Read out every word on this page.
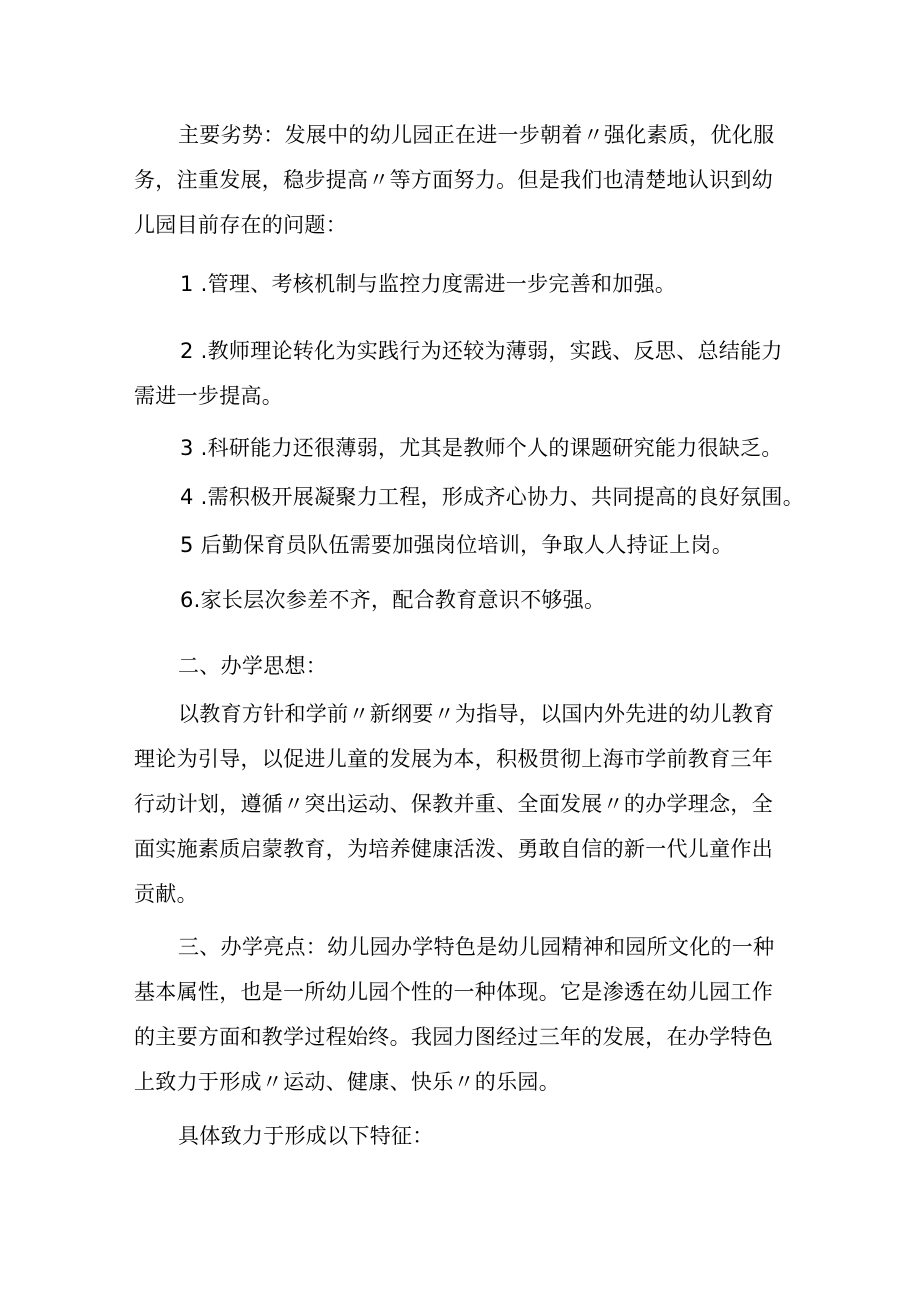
主要劣势：发展中的幼儿园正在进一步朝着〃强化素质，优化服
务，注重发展，稳步提高〃等方面努力。但是我们也清楚地认识到幼
儿园目前存在的问题：

1 .管理、考核机制与监控力度需进一步完善和加强。

2 .教师理论转化为实践行为还较为薄弱，实践、反思、总结能力
需进一步提高。

3 .科研能力还很薄弱，尤其是教师个人的课题研究能力很缺乏。

4 .需积极开展凝聚力工程，形成齐心协力、共同提高的良好氛围。

5 后勤保育员队伍需要加强岗位培训，争取人人持证上岗。

6.家长层次参差不齐，配合教育意识不够强。

二、办学思想：

以教育方针和学前〃新纲要〃为指导，以国内外先进的幼儿教育
理论为引导，以促进儿童的发展为本，积极贯彻上海市学前教育三年
行动计划，遵循〃突出运动、保教并重、全面发展〃的办学理念，全
面实施素质启蒙教育，为培养健康活泼、勇敢自信的新一代儿童作出
贡献。

三、办学亮点：幼儿园办学特色是幼儿园精神和园所文化的一种
基本属性，也是一所幼儿园个性的一种体现。它是渗透在幼儿园工作
的主要方面和教学过程始终。我园力图经过三年的发展，在办学特色
上致力于形成〃运动、健康、快乐〃的乐园。

具体致力于形成以下特征：
